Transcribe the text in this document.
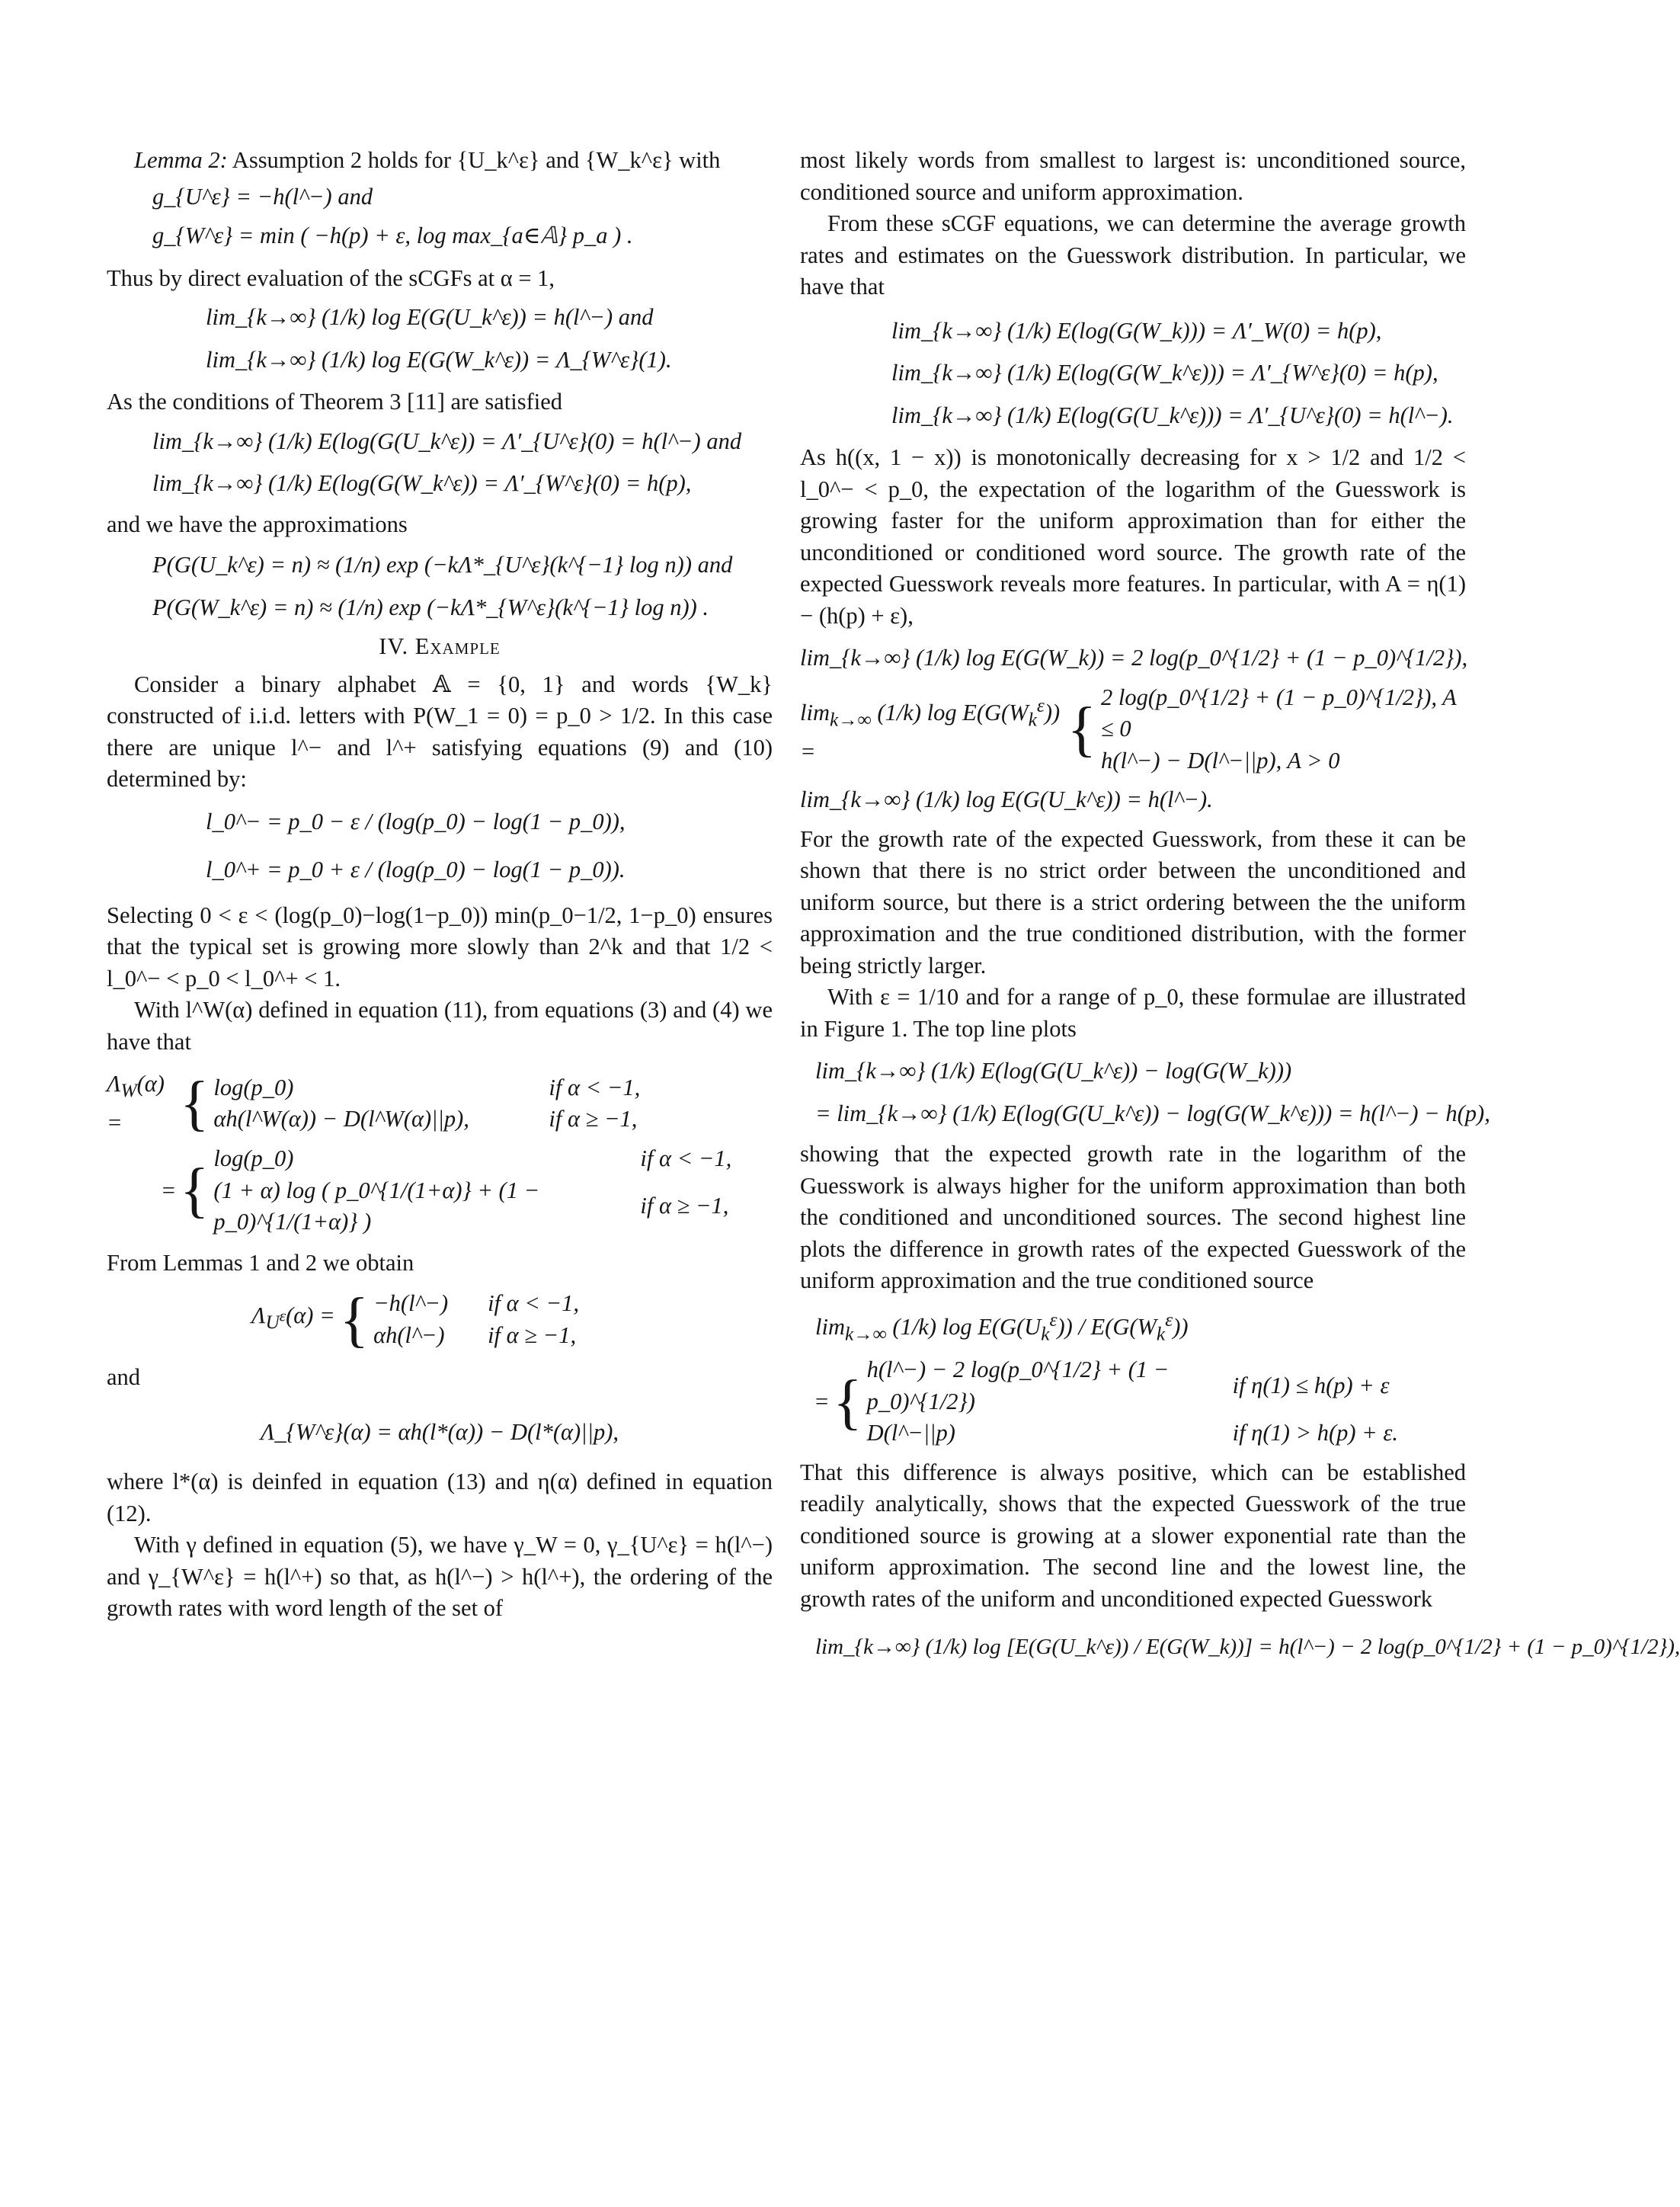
Lemma 2: Assumption 2 holds for {U_k^ε} and {W_k^ε} with

g_{U^ε} = −h(l^−) and
g_{W^ε} = min ( −h(p) + ε, log max_{a∈𝔸} p_a ) .

Thus by direct evaluation of the sCGFs at α = 1,

lim_{k→∞} (1/k) log E(G(U_k^ε)) = h(l^−) and
lim_{k→∞} (1/k) log E(G(W_k^ε)) = Λ_{W^ε}(1).

As the conditions of Theorem 3 [11] are satisfied

lim_{k→∞} (1/k) E(log(G(U_k^ε)) = Λ′_{U^ε}(0) = h(l^−) and
lim_{k→∞} (1/k) E(log(G(W_k^ε)) = Λ′_{W^ε}(0) = h(p),

and we have the approximations

P(G(U_k^ε) = n) ≈ (1/n) exp (−kΛ*_{U^ε}(k^{−1} log n)) and
P(G(W_k^ε) = n) ≈ (1/n) exp (−kΛ*_{W^ε}(k^{−1} log n)) .
IV. Example

Consider a binary alphabet 𝔸 = {0, 1} and words {W_k} constructed of i.i.d. letters with P(W_1 = 0) = p_0 > 1/2. In this case there are unique l^− and l^+ satisfying equations (9) and (10) determined by:

l_0^− = p_0 − ε / (log(p_0) − log(1 − p_0)),
l_0^+ = p_0 + ε / (log(p_0) − log(1 − p_0)).

Selecting 0 < ε < (log(p_0)−log(1−p_0)) min(p_0−1/2, 1−p_0) ensures that the typical set is growing more slowly than 2^k and that 1/2 < l_0^− < p_0 < l_0^+ < 1.

With l^W(α) defined in equation (11), from equations (3) and (4) we have that

$\Lambda_W(\alpha)$ = { log(p_0)	if α < −1,
αh(l^W(α)) − D(l^W(α)||p),	if α ≥ −1,
= { log(p_0)	if α < −1,
(1 + α) log ( p_0^{1/(1+α)} + (1 − p_0)^{1/(1+α)} )
if α ≥ −1,

From Lemmas 1 and 2 we obtain

$\Lambda_{U^\varepsilon}(\alpha)$ = { −h(l^−)	if α < −1,
αh(l^−)	if α ≥ −1,

and

Λ_{W^ε}(α) = αh(l*(α)) − D(l*(α)||p),

where l*(α) is deinfed in equation (13) and η(α) defined in equation (12).

With γ defined in equation (5), we have γ_W = 0, γ_{U^ε} = h(l^−) and γ_{W^ε} = h(l^+) so that, as h(l^−) > h(l^+), the ordering of the growth rates with word length of the set of

most likely words from smallest to largest is: unconditioned source, conditioned source and uniform approximation.

From these sCGF equations, we can determine the average growth rates and estimates on the Guesswork distribution. In particular, we have that

lim_{k→∞} (1/k) E(log(G(W_k))) = Λ′_W(0) = h(p),
lim_{k→∞} (1/k) E(log(G(W_k^ε))) = Λ′_{W^ε}(0) = h(p),
lim_{k→∞} (1/k) E(log(G(U_k^ε))) = Λ′_{U^ε}(0) = h(l^−).

As h((x, 1 − x)) is monotonically decreasing for x > 1/2 and 1/2 < l_0^− < p_0, the expectation of the logarithm of the Guesswork is growing faster for the uniform approximation than for either the unconditioned or conditioned word source. The growth rate of the expected Guesswork reveals more features. In particular, with A = η(1) − (h(p) + ε),

lim_{k→∞} (1/k) log E(G(W_k)) = 2 log(p_0^{1/2} + (1 − p_0)^{1/2}),
$\lim_{k\to\infty} (1/k)$ $\log E(G(W_k^\varepsilon))$ =	{ 2 log(p_0^{1/2} + (1 − p_0)^{1/2}), A ≤ 0
h(l^−) − D(l^−||p), A > 0
lim_{k→∞} (1/k) log E(G(U_k^ε)) = h(l^−).

For the growth rate of the expected Guesswork, from these it can be shown that there is no strict order between the unconditioned and uniform source, but there is a strict ordering between the the uniform approximation and the true conditioned distribution, with the former being strictly larger.

With ε = 1/10 and for a range of p_0, these formulae are illustrated in Figure 1. The top line plots

lim_{k→∞} (1/k) E(log(G(U_k^ε)) − log(G(W_k)))
= lim_{k→∞} (1/k) E(log(G(U_k^ε)) − log(G(W_k^ε))) = h(l^−) − h(p),

showing that the expected growth rate in the logarithm of the Guesswork is always higher for the uniform approximation than both the conditioned and unconditioned sources. The second highest line plots the difference in growth rates of the expected Guesswork of the uniform approximation and the true conditioned source

$\lim_{k\to\infty} (1/k)$ $\log E(G(U_k^\varepsilon)) / E(G(W_k^\varepsilon))$
= { h(l^−) − 2 log(p_0^{1/2} + (1 − p_0)^{1/2})
if η(1) ≤ h(p) + ε
D(l^−||p)	if η(1) > h(p) + ε.

That this difference is always positive, which can be established readily analytically, shows that the expected Guesswork of the true conditioned source is growing at a slower exponential rate than the uniform approximation. The second line and the lowest line, the growth rates of the uniform and unconditioned expected Guesswork

lim_{k→∞} (1/k) log [E(G(U_k^ε)) / E(G(W_k))] = h(l^−) − 2 log(p_0^{1/2} + (1 − p_0)^{1/2}),
